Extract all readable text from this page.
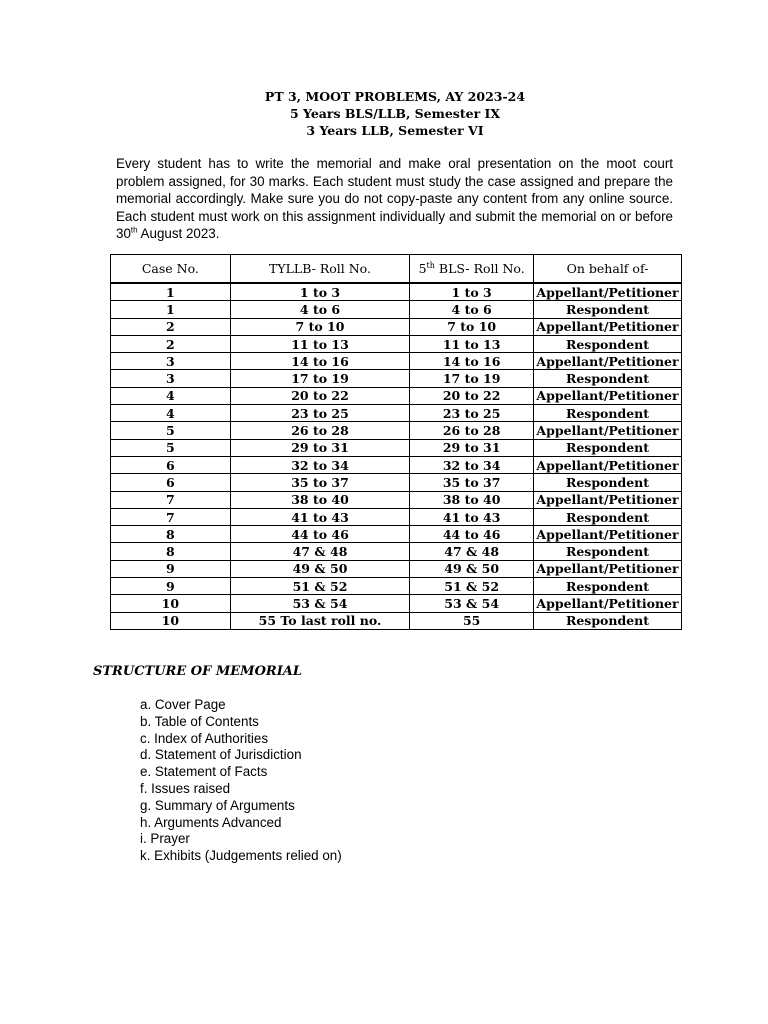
PT 3, MOOT PROBLEMS, AY 2023-24
5 Years BLS/LLB, Semester IX
3 Years LLB, Semester VI

Every student has to write the memorial and make oral presentation on the moot court problem assigned, for 30 marks. Each student must study the case assigned and prepare the memorial accordingly. Make sure you do not copy-paste any content from any online source. Each student must work on this assignment individually and submit the memorial on or before 30th August 2023.

Case No.	TYLLB- Roll No.	5th BLS- Roll No.	On behalf of-
1	1 to 3	1 to 3	Appellant/Petitioner
1	4 to 6	4 to 6	Respondent
2	7 to 10	7 to 10	Appellant/Petitioner
2	11 to 13	11 to 13	Respondent
3	14 to 16	14 to 16	Appellant/Petitioner
3	17 to 19	17 to 19	Respondent
4	20 to 22	20 to 22	Appellant/Petitioner
4	23 to 25	23 to 25	Respondent
5	26 to 28	26 to 28	Appellant/Petitioner
5	29 to 31	29 to 31	Respondent
6	32 to 34	32 to 34	Appellant/Petitioner
6	35 to 37	35 to 37	Respondent
7	38 to 40	38 to 40	Appellant/Petitioner
7	41 to 43	41 to 43	Respondent
8	44 to 46	44 to 46	Appellant/Petitioner
8	47 & 48	47 & 48	Respondent
9	49 & 50	49 & 50	Appellant/Petitioner
9	51 & 52	51 & 52	Respondent
10	53 & 54	53 & 54	Appellant/Petitioner
10	55 To last roll no.	55	Respondent
STRUCTURE OF MEMORIAL
a. Cover Page
b. Table of Contents
c. Index of Authorities
d. Statement of Jurisdiction
e. Statement of Facts
f. Issues raised
g. Summary of Arguments
h. Arguments Advanced
i. Prayer
k. Exhibits (Judgements relied on)
